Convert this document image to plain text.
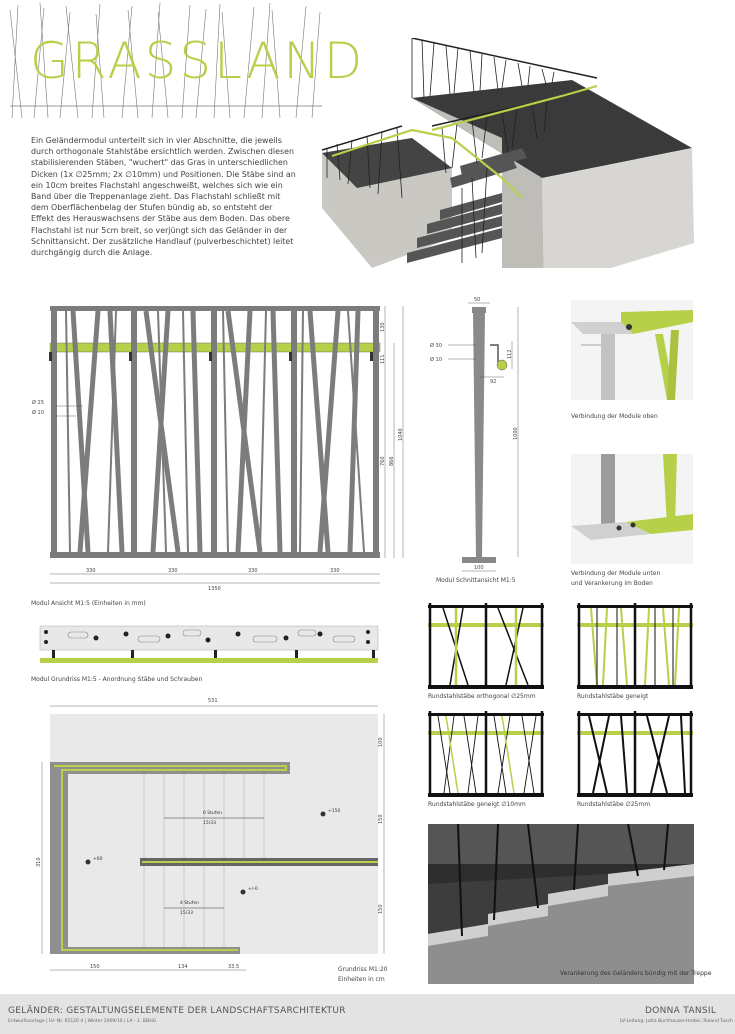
GRASSLAND
Ein Geländermodul unterteilt sich in vier Abschnitte, die jeweils durch orthogonale Stahlstäbe ersichtlich werden. Zwischen diesen stabilisierenden Stäben, "wuchert" das Gras in unterschiedlichen Dicken (1x ∅25mm; 2x ∅10mm) und Positionen. Die Stäbe sind an ein 10cm breites Flachstahl angeschweißt, welches sich wie ein Band über die Treppenanlage zieht. Das Flachstahl schließt mit dem Oberflächenbelag der Stufen bündig ab, so entsteht der Effekt des Herauswachsens der Stäbe aus dem Boden. Das obere Flachstahl ist nur 5cm breit, so verjüngt sich das Geländer in der Schnittansicht. Der zusätzliche Handlauf (pulverbeschichtet) leitet durchgängig durch die Anlage.
Ø 25
Ø 10
330	330	330	330
1350
130
111
760 866
1040
Modul Ansicht M1:5 (Einheiten in mm)
50
Ø 30
Ø 10
112
92
1000
100
Modul Schnittansicht M1:5
Verbindung der Module oben
Verbindung der Module unten
und Verankerung im Boden
Modul Grundriss M1:5 - Anordnung Stäbe und Schrauben
Rundstahlstäbe orthogonal ∅25mm	Rundstahlstäbe geneigt
Rundstahlstäbe geneigt ∅10mm	Rundstahlstäbe ∅25mm
531
6 Stufen
15/33
4 Stufen
15/33
+150
+60
+/-0
310
100
150
150
150	134	33,5	Grundriss M1:20
Einheiten in cm
Verankerung des Geländers bündig mit der Treppe
GELÄNDER: GESTALTUNGSELEMENTE DER LANDSCHAFTSARCHITEKTUR
Entwurfsvorlage | LV- Nr. 65120 4 | Winter 2009/10 | LA - 1. BDHG
DONNA TANSIL
LV-Leitung: Jutta Buchhauser-Hrebic, Roland Tusch
